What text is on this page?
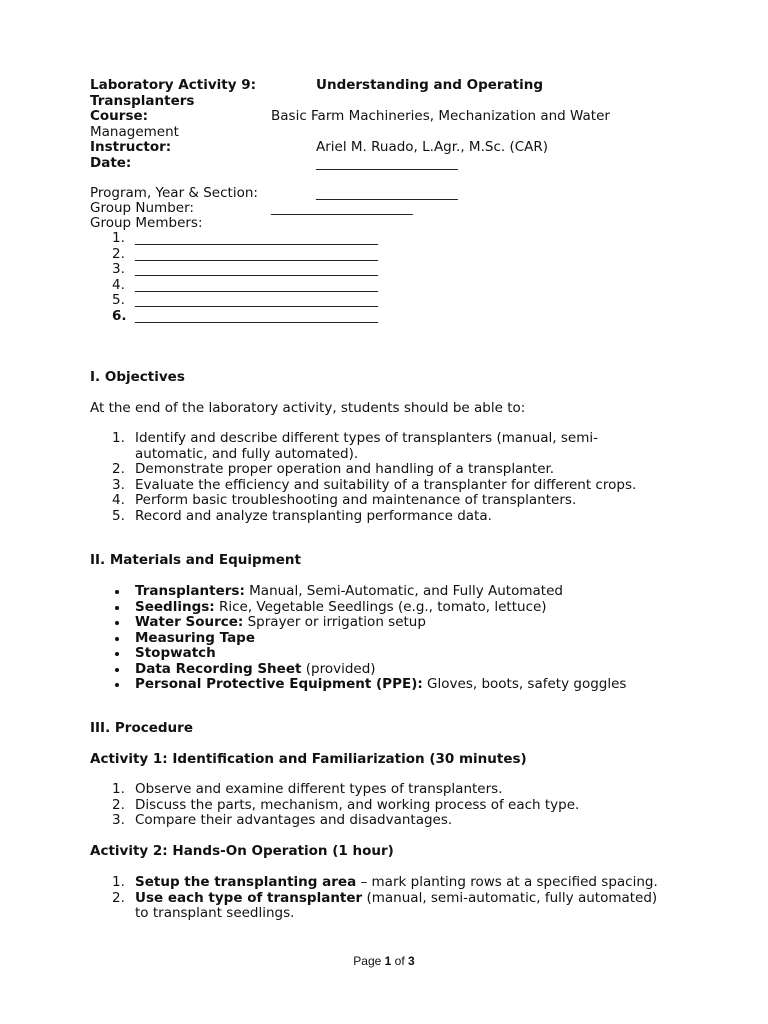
Laboratory Activity 9:	Understanding and Operating
Transplanters
Course:	Basic Farm Machineries, Mechanization and Water
Management
Instructor:	Ariel M. Ruado, L.Agr., M.Sc. (CAR)
Date:	_____________________
Program, Year & Section:	_____________________
Group Number:	_____________________
Group Members:
1. ____________________________________
2. ____________________________________
3. ____________________________________
4. ____________________________________
5. ____________________________________
6. ____________________________________
I. Objectives
At the end of the laboratory activity, students should be able to:
1. Identify and describe different types of transplanters (manual, semi-automatic, and fully automated).
2. Demonstrate proper operation and handling of a transplanter.
3. Evaluate the efficiency and suitability of a transplanter for different crops.
4. Perform basic troubleshooting and maintenance of transplanters.
5. Record and analyze transplanting performance data.
II. Materials and Equipment
Transplanters: Manual, Semi-Automatic, and Fully Automated
Seedlings: Rice, Vegetable Seedlings (e.g., tomato, lettuce)
Water Source: Sprayer or irrigation setup
Measuring Tape
Stopwatch
Data Recording Sheet (provided)
Personal Protective Equipment (PPE): Gloves, boots, safety goggles
III. Procedure
Activity 1: Identification and Familiarization (30 minutes)
1. Observe and examine different types of transplanters.
2. Discuss the parts, mechanism, and working process of each type.
3. Compare their advantages and disadvantages.
Activity 2: Hands-On Operation (1 hour)
1. Setup the transplanting area – mark planting rows at a specified spacing.
2. Use each type of transplanter (manual, semi-automatic, fully automated) to transplant seedlings.
Page 1 of 3
